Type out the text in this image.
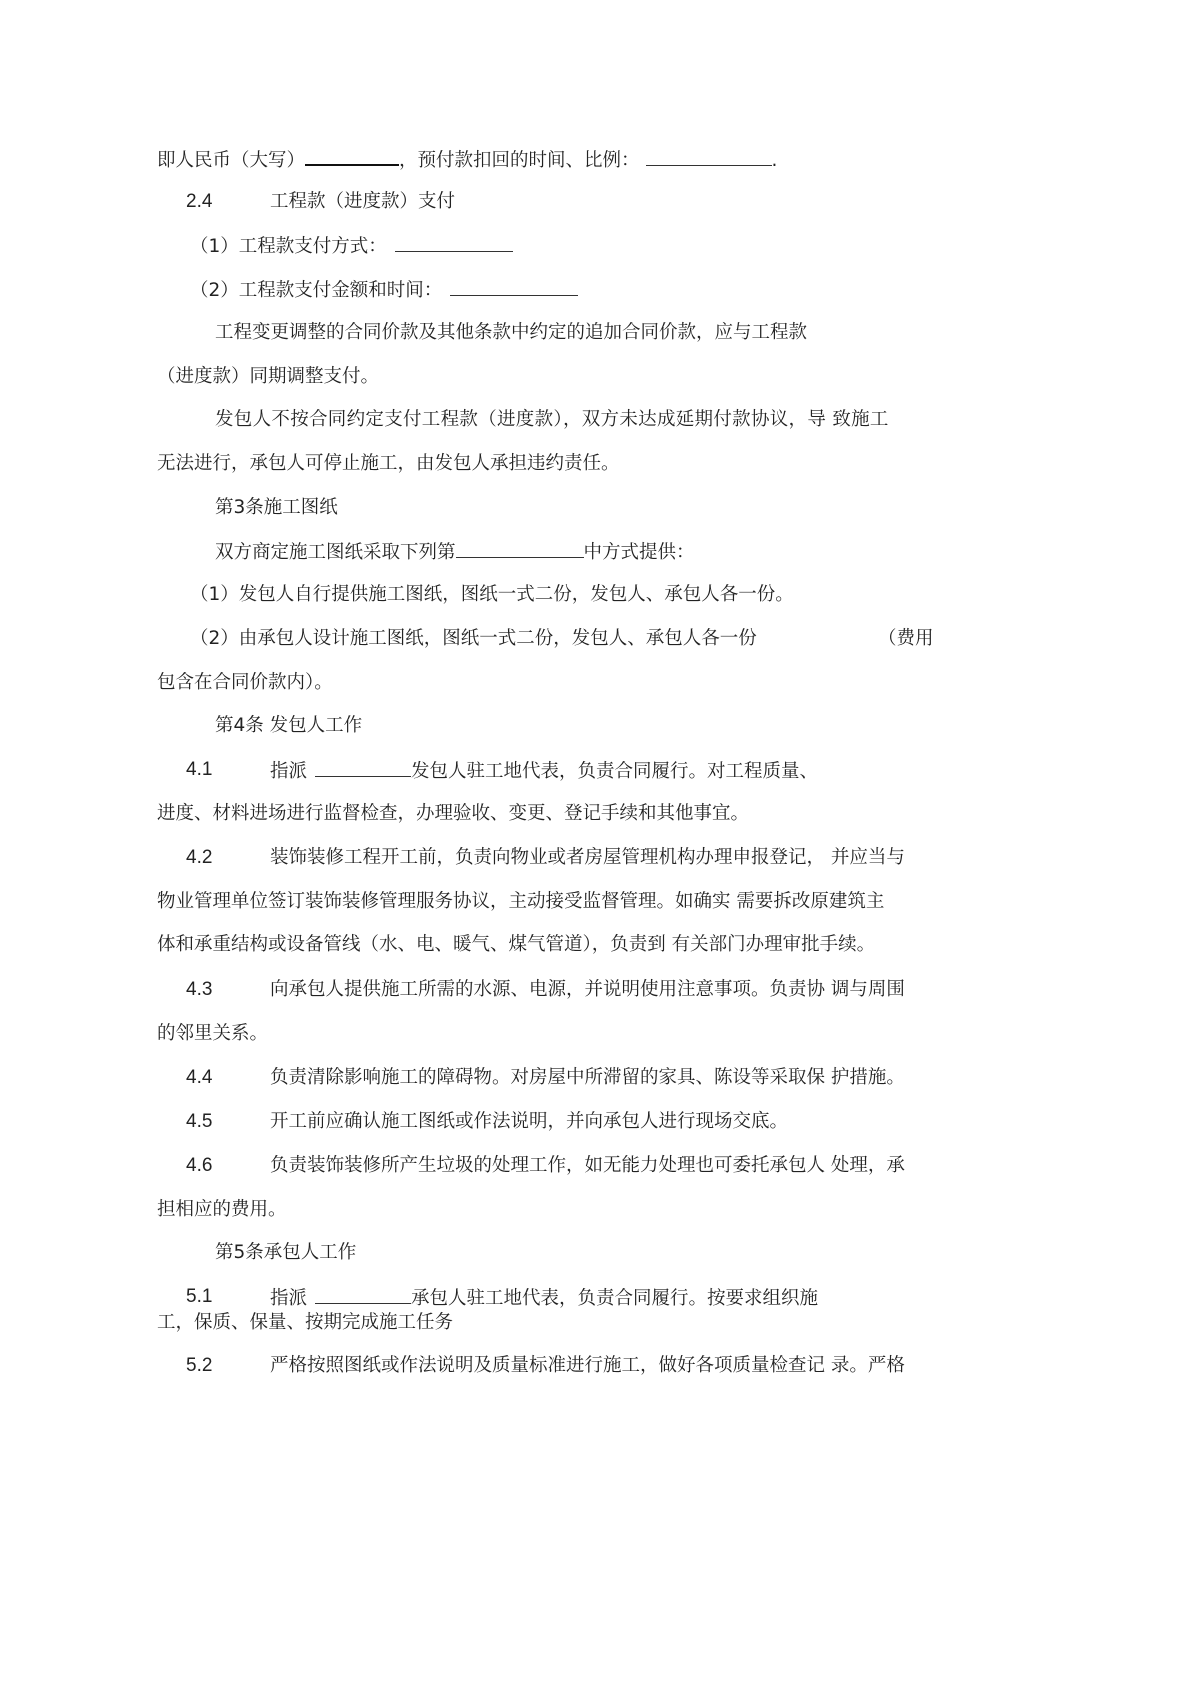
即人民币（大写）	，预付款扣回的时间、比例：	.
2.4	工程款（进度款）支付
（1）工程款支付方式：
（2）工程款支付金额和时间：
工程变更调整的合同价款及其他条款中约定的追加合同价款，应与工程款
（进度款）同期调整支付。
发包人不按合同约定支付工程款（进度款），双方未达成延期付款协议，导 致施工
无法进行，承包人可停止施工，由发包人承担违约责任。
第3条施工图纸
双方商定施工图纸采取下列第	中方式提供：
（1）发包人自行提供施工图纸，图纸一式二份，发包人、承包人各一份。
（2）由承包人设计施工图纸，图纸一式二份，发包人、承包人各一份	（费用
包含在合同价款内）。
第4条 发包人工作
4.1	指派	发包人驻工地代表，负责合同履行。对工程质量、
进度、材料进场进行监督检查，办理验收、变更、登记手续和其他事宜。
4.2	装饰装修工程开工前，负责向物业或者房屋管理机构办理申报登记， 并应当与
物业管理单位签订装饰装修管理服务协议，主动接受监督管理。如确实 需要拆改原建筑主
体和承重结构或设备管线（水、电、暖气、煤气管道），负责到 有关部门办理审批手续。
4.3	向承包人提供施工所需的水源、电源，并说明使用注意事项。负责协 调与周围
的邻里关系。
4.4	负责清除影响施工的障碍物。对房屋中所滞留的家具、陈设等采取保 护措施。
4.5	开工前应确认施工图纸或作法说明，并向承包人进行现场交底。
4.6	负责装饰装修所产生垃圾的处理工作，如无能力处理也可委托承包人 处理，承
担相应的费用。
第5条承包人工作
5.1	指派	承包人驻工地代表，负责合同履行。按要求组织施
工，保质、保量、按期完成施工任务
5.2	严格按照图纸或作法说明及质量标准进行施工，做好各项质量检查记 录。严格
